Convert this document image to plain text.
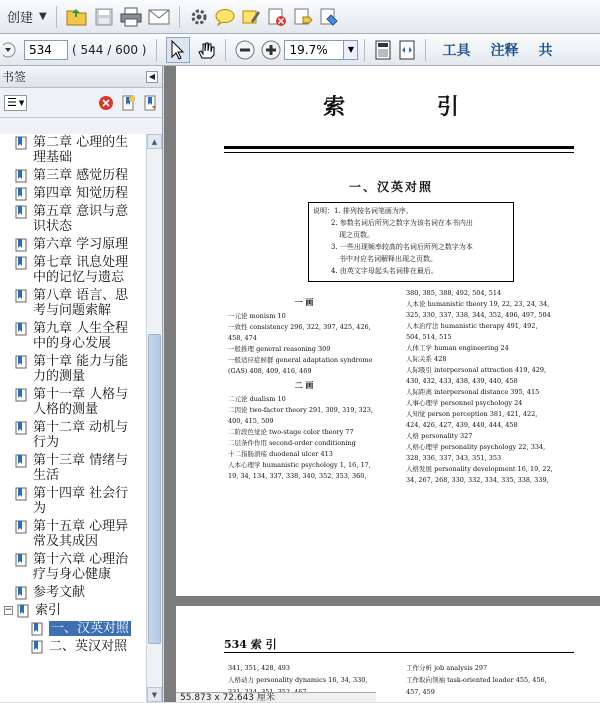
创建 ▼
534
( 544 / 600 )	19.7%	▼	工具 注释 共
书签	◀
☰ ▼
第二章 心理的生
理基础
第三章 感觉历程
第四章 知觉历程
第五章 意识与意
识状态
第六章 学习原理
第七章 讯息处理
中的记忆与遗忘
第八章 语言、思
考与问题索解
第九章 人生全程
中的身心发展
第十章 能力与能
力的测量
第十一章 人格与
人格的测量
第十二章 动机与
行为
第十三章 情绪与
生活
第十四章 社会行
为
第十五章 心理异
常及其成因
第十六章 心理治
疗与身心健康
参考文献
− 索引
一、汉英对照
二、英汉对照
▲
▼
索 引
一、汉英对照
说明：1. 排列按名词笔画为序。
2. 参数名词后所列之数字为该名词在本书内出
现之页数。
3. 一些出现频率较高的名词后所列之数字为本
书中对应名词解释出现之页数。
4. 由英文字母起头名词排在最后。
一 画
一元论 monism 10
一致性 consistency 296, 322, 397, 425, 426,
458, 474
一般推理 general reasoning 309
一般适应症候群 general adaptation syndrome
(GAS) 408, 409, 416, 469
二 画
二元论 dualism 10
二因论 two-factor theory 291, 309, 319, 323,
400, 415, 509
二阶段色觉论 two-stage color theory 77
二层条件作用 second-order conditioning
十二指肠溃疡 duodenal ulcer 413
人本心理学 humanistic psychology 1, 16, 17,
19, 34, 134, 337, 338, 340, 352, 353, 360,
380, 385, 388, 492, 504, 514
人本论 humanistic theory 19, 22, 23, 24, 34,
325, 330, 337, 338, 344, 352, 496, 497, 504
人本治疗法 humanistic therapy 491, 492,
504, 514, 515
人体工学 human engineering 24
人际关系 428
人际吸引 interpersonal attraction 419, 429,
430, 432, 433, 438, 439, 440, 458
人际距离 interpersonal distance 395, 415
人事心理学 personnel psychology 24
人知觉 person perception 381, 421, 422,
424, 426, 427, 439, 440, 444, 458
人格 personality 327
人格心理学 personality psychology 22, 334,
328, 336, 337, 343, 351, 353
人格发展 personality development 16, 19, 22,
34, 267, 268, 330, 332, 334, 335, 338, 339,
534 索 引
341, 351, 428, 493
人格动力 personality dynamics 16, 34, 330,
工作分析 job analysis 297
工作取向领袖 task-oriented leader 455, 456,
457, 459
55.873 x 72.643 厘米
